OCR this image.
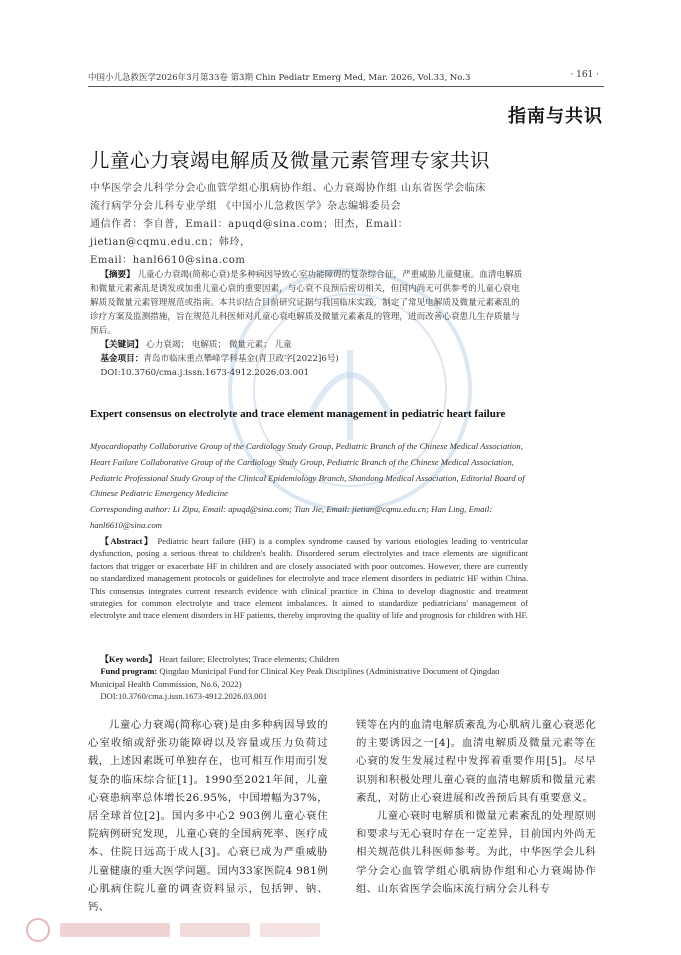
中国小儿急救医学2026年3月第33卷 第3期 Chin Pediatr Emerg Med, Mar. 2026, Vol.33, No.3	· 161 ·
指南与共识
儿童心力衰竭电解质及微量元素管理专家共识
中华医学会儿科学分会心血管学组心肌病协作组、心力衰竭协作组 山东省医学会临床
流行病学分会儿科专业学组 《中国小儿急救医学》杂志编辑委员会
通信作者：李自普，Email：apuqd@sina.com；田杰，Email：jietian@cqmu.edu.cn；韩玲，
Email：hanl6610@sina.com
【摘要】 儿童心力衰竭(简称心衰)是多种病因导致心室功能障碍的复杂综合征，严重威胁儿童健康。血清电解质和微量元素紊乱是诱发或加重儿童心衰的重要因素，与心衰不良预后密切相关，但国内尚无可供参考的儿童心衰电解质及微量元素管理规范或指南。本共识结合目前研究证据与我国临床实践，制定了常见电解质及微量元素紊乱的诊疗方案及监测措施，旨在规范儿科医师对儿童心衰电解质及微量元素紊乱的管理，进而改善心衰患儿生存质量与预后。
【关键词】 心力衰竭； 电解质； 微量元素； 儿童
基金项目：青岛市临床重点攀峰学科基金(青卫政字[2022]6号)
DOI:10.3760/cma.j.issn.1673-4912.2026.03.001
Expert consensus on electrolyte and trace element management in pediatric heart failure
Myocardiopathy Collaborative Group of the Cardiology Study Group, Pediatric Branch of the Chinese Medical Association, Heart Failure Collaborative Group of the Cardiology Study Group, Pediatric Branch of the Chinese Medical Association, Pediatric Professional Study Group of the Clinical Epidemiology Branch, Shandong Medical Association, Editorial Board of Chinese Pediatric Emergency Medicine
Corresponding author: Li Zipu, Email: apuqd@sina.com; Tian Jie, Email: jietian@cqmu.edu.cn; Han Ling, Email: hanl6610@sina.com
【Abstract】 Pediatric heart failure (HF) is a complex syndrome caused by various etiologies leading to ventricular dysfunction, posing a serious threat to children's health. Disordered serum electrolytes and trace elements are significant factors that trigger or exacerbate HF in children and are closely associated with poor outcomes. However, there are currently no standardized management protocols or guidelines for electrolyte and trace element disorders in pediatric HF within China. This consensus integrates current research evidence with clinical practice in China to develop diagnostic and treatment strategies for common electrolyte and trace element imbalances. It aimed to standardize pediatricians' management of electrolyte and trace element disorders in HF patients, thereby improving the quality of life and prognosis for children with HF.
【Key words】 Heart failure; Electrolytes; Trace elements; Children
Fund program: Qingdao Municipal Fund for Clinical Key Peak Disciplines (Administrative Document of Qingdao Municipal Health Commission, No.6, 2022)
DOI:10.3760/cma.j.issn.1673-4912.2026.03.001
儿童心力衰竭(简称心衰)是由多种病因导致的心室收缩或舒张功能障碍以及容量或压力负荷过载，上述因素既可单独存在，也可相互作用而引发复杂的临床综合征[1]。1990至2021年间，儿童心衰患病率总体增长26.95%，中国增幅为37%，居全球首位[2]。国内多中心2 903例儿童心衰住院病例研究发现，儿童心衰的全国病死率、医疗成本、住院日远高于成人[3]。心衰已成为严重威胁儿童健康的重大医学问题。国内33家医院4 981例心肌病住院儿童的调查资料显示，包括钾、钠、钙、
镁等在内的血清电解质紊乱为心肌病儿童心衰恶化的主要诱因之一[4]。血清电解质及微量元素等在心衰的发生发展过程中发挥着重要作用[5]。尽早识别和积极处理儿童心衰的血清电解质和微量元素紊乱，对防止心衰进展和改善预后具有重要意义。
儿童心衰时电解质和微量元素紊乱的处理原则和要求与无心衰时存在一定差异，目前国内外尚无相关规范供儿科医师参考。为此，中华医学会儿科学分会心血管学组心肌病协作组和心力衰竭协作组、山东省医学会临床流行病分会儿科专
